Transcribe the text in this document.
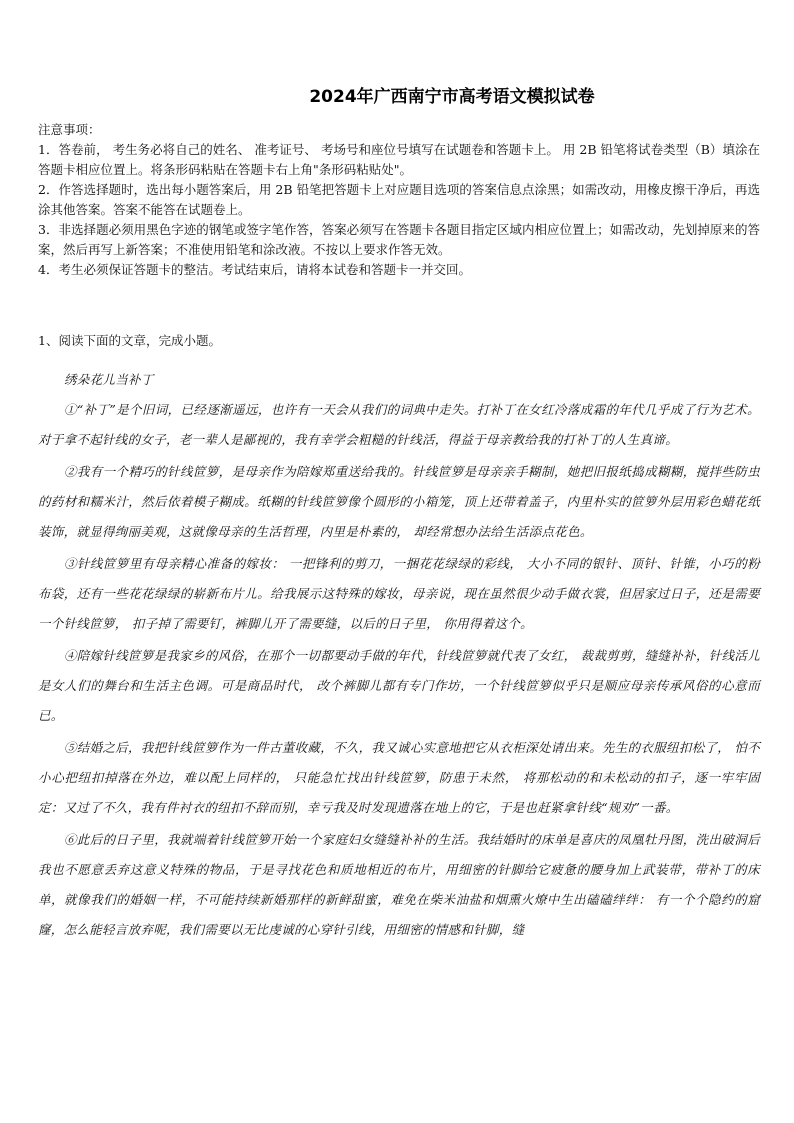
2024年广西南宁市高考语文模拟试卷

注意事项：

1．答卷前， 考生务必将自己的姓名、 准考证号、 考场号和座位号填写在试题卷和答题卡上。 用 2B 铅笔将试卷类型（B）填涂在答题卡相应位置上。将条形码粘贴在答题卡右上角"条形码粘贴处"。

2．作答选择题时，选出每小题答案后，用 2B 铅笔把答题卡上对应题目选项的答案信息点涂黑；如需改动，用橡皮擦干净后，再选涂其他答案。答案不能答在试题卷上。

3．非选择题必须用黑色字迹的钢笔或签字笔作答，答案必须写在答题卡各题目指定区域内相应位置上；如需改动，先划掉原来的答案，然后再写上新答案；不准使用铅笔和涂改液。不按以上要求作答无效。

4．考生必须保证答题卡的整洁。考试结束后，请将本试卷和答题卡一并交回。

1、阅读下面的文章，完成小题。

绣朵花儿当补丁

①“补丁”是个旧词，已经逐渐遥远，也许有一天会从我们的词典中走失。打补丁在女红冷落成霜的年代几乎成了行为艺术。对于拿不起针线的女子，老一辈人是鄙视的，我有幸学会粗糙的针线活，得益于母亲教给我的打补丁的人生真谛。

②我有一个精巧的针线笸箩，是母亲作为陪嫁郑重送给我的。针线笸箩是母亲亲手糊制，她把旧报纸捣成糊糊，搅拌些防虫的药材和糯米汁，然后依着模子糊成。纸糊的针线笸箩像个圆形的小箱笼，顶上还带着盖子，内里朴实的笸箩外层用彩色蜡花纸装饰，就显得绚丽美观，这就像母亲的生活哲理，内里是朴素的， 却经常想办法给生活添点花色。

③针线笸箩里有母亲精心准备的嫁妆： 一把锋利的剪刀，一捆花花绿绿的彩线， 大小不同的银针、顶针、针锥，小巧的粉布袋，还有一些花花绿绿的崭新布片儿。给我展示这特殊的嫁妆，母亲说，现在虽然很少动手做衣裳，但居家过日子，还是需要一个针线笸箩， 扣子掉了需要钉，裤脚儿开了需要缝，以后的日子里， 你用得着这个。

④陪嫁针线笸箩是我家乡的风俗，在那个一切都要动手做的年代，针线笸箩就代表了女红， 裁裁剪剪，缝缝补补，针线活儿是女人们的舞台和生活主色调。可是商品时代， 改个裤脚儿都有专门作坊，一个针线笸箩似乎只是顺应母亲传承风俗的心意而已。

⑤结婚之后，我把针线笸箩作为一件古董收藏，不久，我又诚心实意地把它从衣柜深处请出来。先生的衣服纽扣松了， 怕不小心把纽扣掉落在外边，难以配上同样的， 只能急忙找出针线笸箩，防患于未然， 将那松动的和未松动的扣子，逐一牢牢固定：又过了不久，我有件衬衣的纽扣不辞而别，幸亏我及时发现遗落在地上的它，于是也赶紧拿针线“规劝”一番。

⑥此后的日子里，我就端着针线笸箩开始一个家庭妇女缝缝补补的生活。我结婚时的床单是喜庆的凤凰牡丹图，洗出破洞后我也不愿意丢弃这意义特殊的物品，于是寻找花色和质地相近的布片，用细密的针脚给它疲惫的腰身加上武装带，带补丁的床单，就像我们的婚姻一样，不可能持续新婚那样的新鲜甜蜜，难免在柴米油盐和烟熏火燎中生出磕磕绊绊： 有一个个隐约的窟窿，怎么能轻言放弃呢，我们需要以无比虔诚的心穿针引线，用细密的情感和针脚，缝
